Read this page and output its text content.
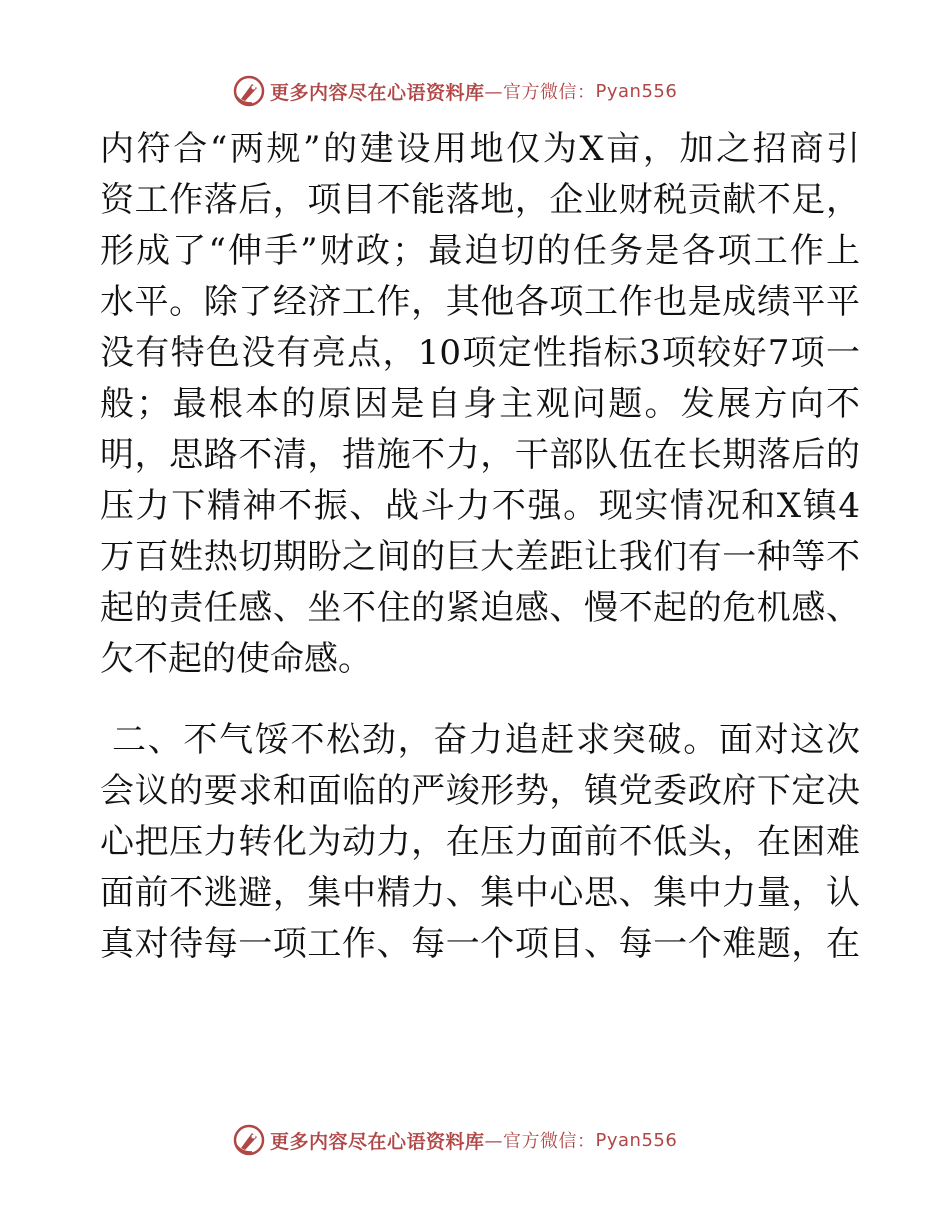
更多内容尽在心语资料库 —官方微信： Pyan556
内符合“两规”的建设用地仅为X亩，加之招商引
资工作落后，项目不能落地，企业财税贡献不足，
形成了“伸手”财政；最迫切的任务是各项工作上
水平。除了经济工作，其他各项工作也是成绩平平
没有特色没有亮点，10项定性指标3项较好7项一
般；最根本的原因是自身主观问题。发展方向不
明，思路不清，措施不力，干部队伍在长期落后的
压力下精神不振、战斗力不强。现实情况和X镇4
万百姓热切期盼之间的巨大差距让我们有一种等不
起的责任感、坐不住的紧迫感、慢不起的危机感、
欠不起的使命感。
二、不气馁不松劲，奋力追赶求突破。面对这次
会议的要求和面临的严竣形势，镇党委政府下定决
心把压力转化为动力，在压力面前不低头，在困难
面前不逃避，集中精力、集中心思、集中力量，认
真对待每一项工作、每一个项目、每一个难题，在
更多内容尽在心语资料库 —官方微信： Pyan556
